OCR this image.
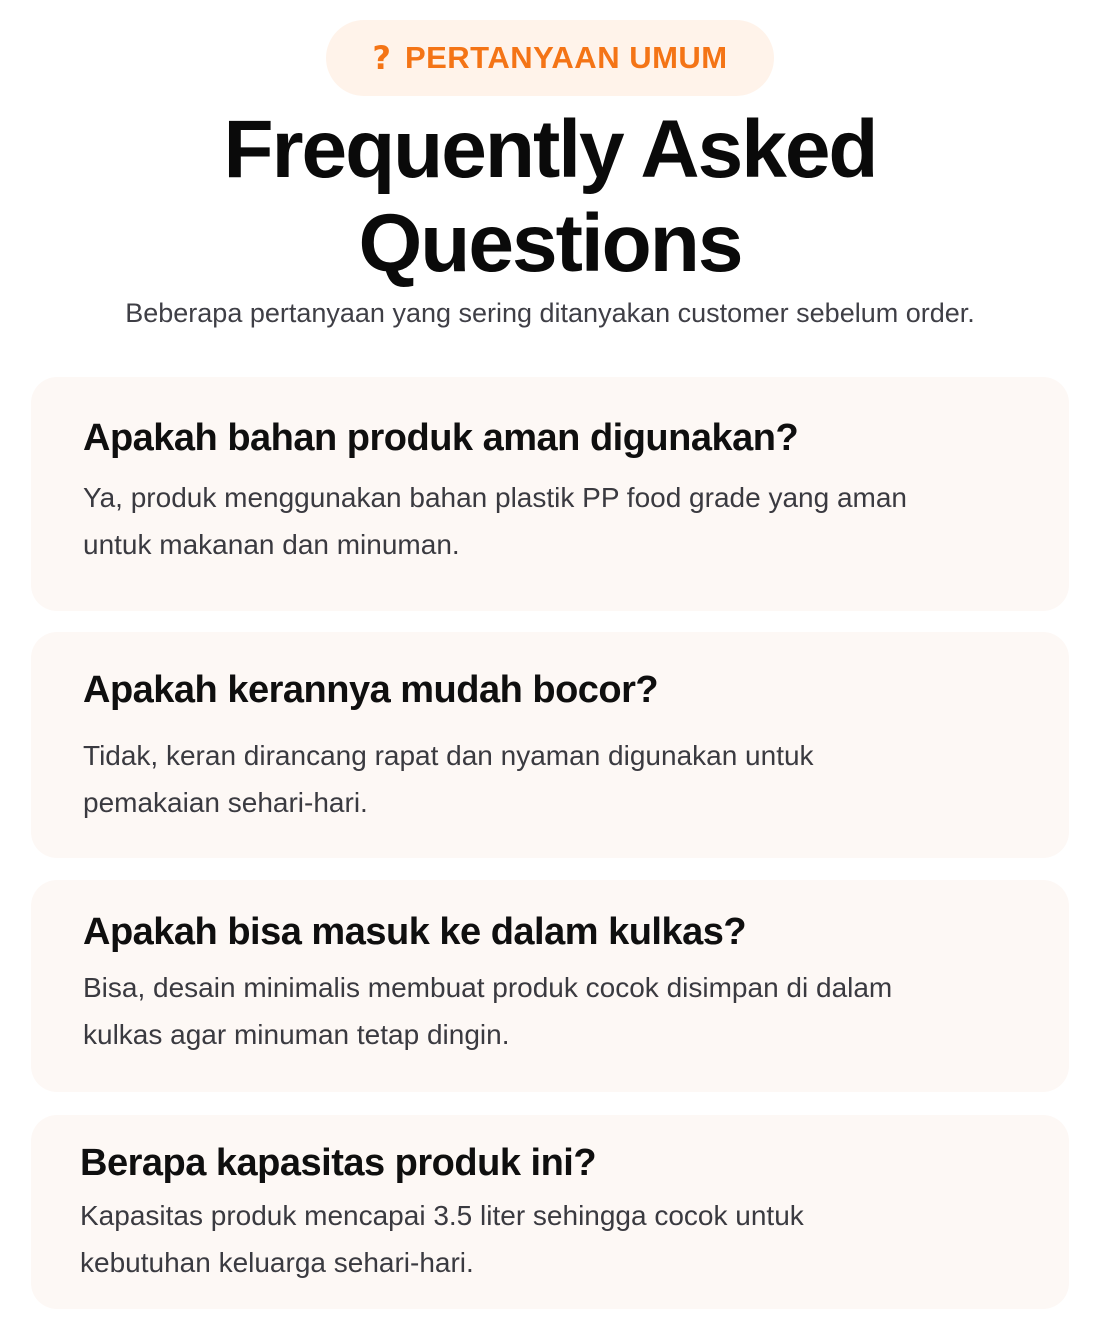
? PERTANYAAN UMUM
Frequently Asked
Questions

Beberapa pertanyaan yang sering ditanyakan customer sebelum order.

Apakah bahan produk aman digunakan?

Ya, produk menggunakan bahan plastik PP food grade yang aman
untuk makanan dan minuman.

Apakah kerannya mudah bocor?

Tidak, keran dirancang rapat dan nyaman digunakan untuk
pemakaian sehari-hari.

Apakah bisa masuk ke dalam kulkas?

Bisa, desain minimalis membuat produk cocok disimpan di dalam
kulkas agar minuman tetap dingin.

Berapa kapasitas produk ini?

Kapasitas produk mencapai 3.5 liter sehingga cocok untuk
kebutuhan keluarga sehari-hari.
